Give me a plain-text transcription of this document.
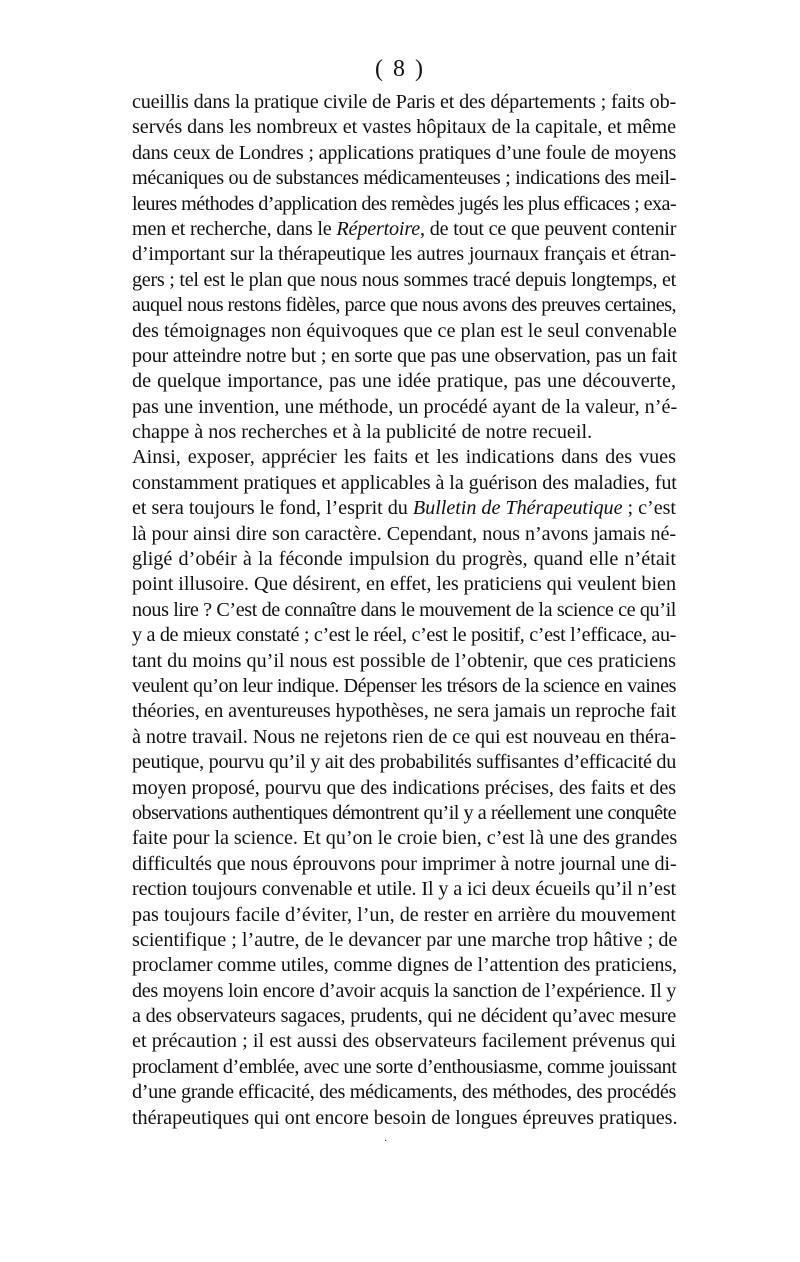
( 8 )
cueillis dans la pratique civile de Paris et des départements ; faits ob-
servés dans les nombreux et vastes hôpitaux de la capitale, et même
dans ceux de Londres ; applications pratiques d’une foule de moyens
mécaniques ou de substances médicamenteuses ; indications des meil-
leures méthodes d’application des remèdes jugés les plus efficaces ; exa-
men et recherche, dans le Répertoire, de tout ce que peuvent contenir
d’important sur la thérapeutique les autres journaux français et étran-
gers ; tel est le plan que nous nous sommes tracé depuis longtemps, et
auquel nous restons fidèles, parce que nous avons des preuves certaines,
des témoignages non équivoques que ce plan est le seul convenable
pour atteindre notre but ; en sorte que pas une observation, pas un fait
de quelque importance, pas une idée pratique, pas une découverte,
pas une invention, une méthode, un procédé ayant de la valeur, n’é-
chappe à nos recherches et à la publicité de notre recueil.
Ainsi, exposer, apprécier les faits et les indications dans des vues
constamment pratiques et applicables à la guérison des maladies, fut
et sera toujours le fond, l’esprit du Bulletin de Thérapeutique ; c’est
là pour ainsi dire son caractère. Cependant, nous n’avons jamais né-
gligé d’obéir à la féconde impulsion du progrès, quand elle n’était
point illusoire. Que désirent, en effet, les praticiens qui veulent bien
nous lire ? C’est de connaître dans le mouvement de la science ce qu’il
y a de mieux constaté ; c’est le réel, c’est le positif, c’est l’efficace, au-
tant du moins qu’il nous est possible de l’obtenir, que ces praticiens
veulent qu’on leur indique. Dépenser les trésors de la science en vaines
théories, en aventureuses hypothèses, ne sera jamais un reproche fait
à notre travail. Nous ne rejetons rien de ce qui est nouveau en théra-
peutique, pourvu qu’il y ait des probabilités suffisantes d’efficacité du
moyen proposé, pourvu que des indications précises, des faits et des
observations authentiques démontrent qu’il y a réellement une conquête
faite pour la science. Et qu’on le croie bien, c’est là une des grandes
difficultés que nous éprouvons pour imprimer à notre journal une di-
rection toujours convenable et utile. Il y a ici deux écueils qu’il n’est
pas toujours facile d’éviter, l’un, de rester en arrière du mouvement
scientifique ; l’autre, de le devancer par une marche trop hâtive ; de
proclamer comme utiles, comme dignes de l’attention des praticiens,
des moyens loin encore d’avoir acquis la sanction de l’expérience. Il y
a des observateurs sagaces, prudents, qui ne décident qu’avec mesure
et précaution ; il est aussi des observateurs facilement prévenus qui
proclament d’emblée, avec une sorte d’enthousiasme, comme jouissant
d’une grande efficacité, des médicaments, des méthodes, des procédés
thérapeutiques qui ont encore besoin de longues épreuves pratiques.
·
